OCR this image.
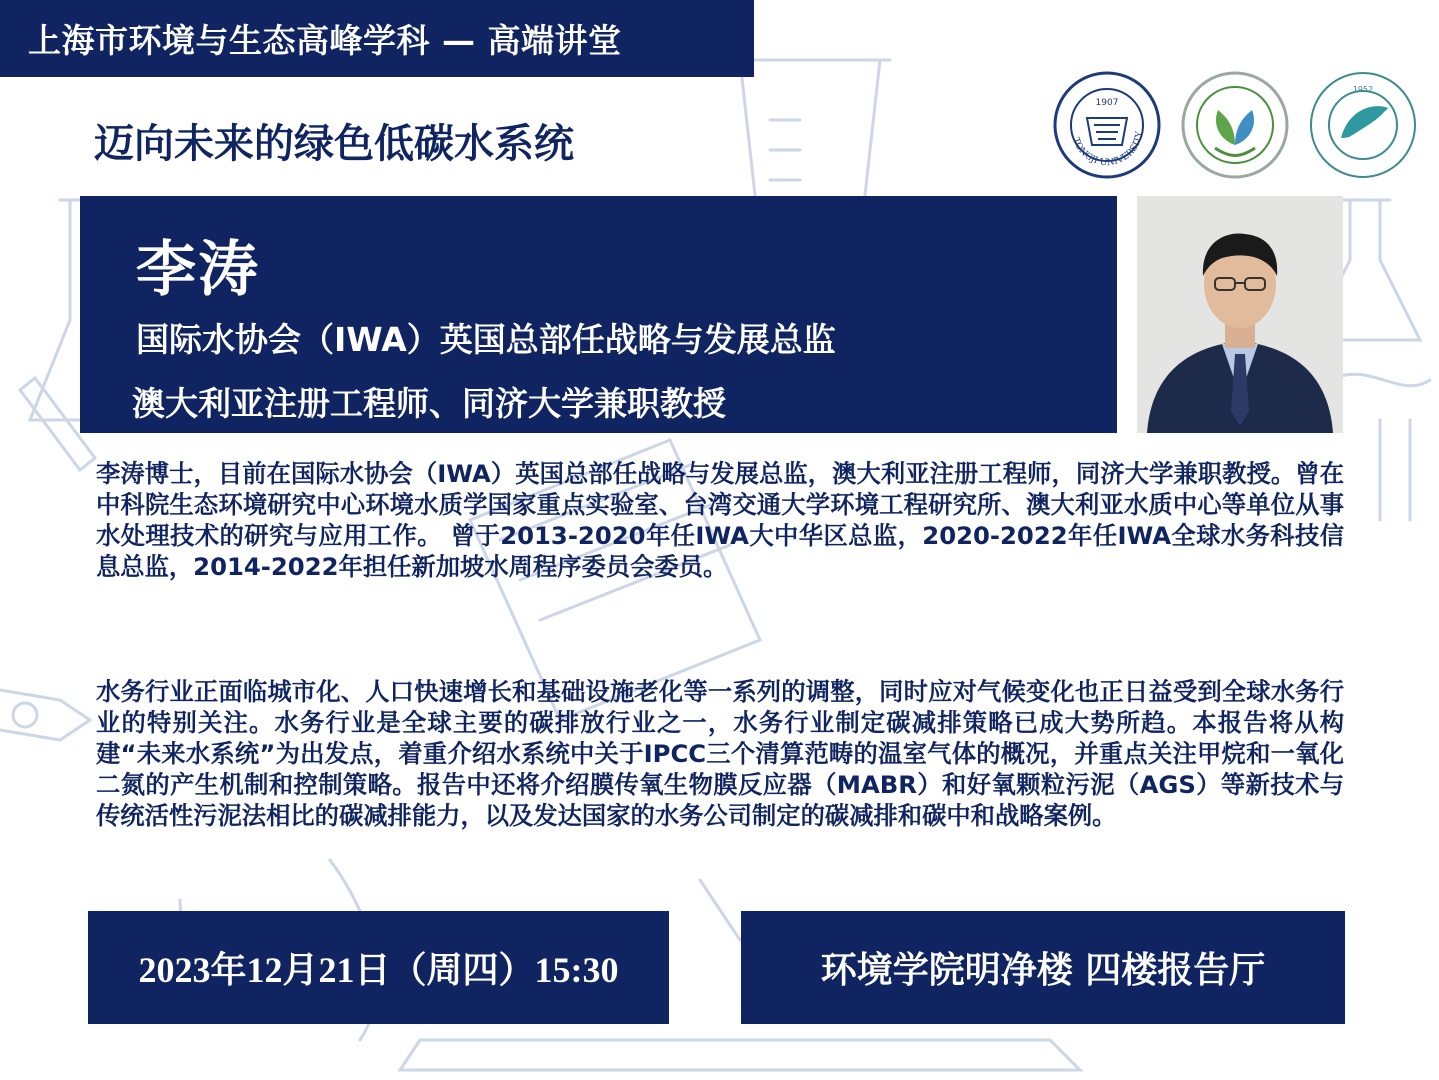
上海市环境与生态高峰学科 — 高端讲堂
迈向未来的绿色低碳水系统
1907
TONGJI UNIVERSITY
1952
李涛
国际水协会（IWA）英国总部任战略与发展总监
澳大利亚注册工程师、同济大学兼职教授
李涛博士，目前在国际水协会（IWA）英国总部任战略与发展总监，澳大利亚注册工程师，同济大学兼职教授。曾在中科院生态环境研究中心环境水质学国家重点实验室、台湾交通大学环境工程研究所、澳大利亚水质中心等单位从事水处理技术的研究与应用工作。 曾于2013-2020年任IWA大中华区总监，2020-2022年任IWA全球水务科技信息总监，2014-2022年担任新加坡水周程序委员会委员。
水务行业正面临城市化、人口快速增长和基础设施老化等一系列的调整，同时应对气候变化也正日益受到全球水务行业的特别关注。水务行业是全球主要的碳排放行业之一，水务行业制定碳减排策略已成大势所趋。本报告将从构建“未来水系统”为出发点，着重介绍水系统中关于IPCC三个清算范畴的温室气体的概况，并重点关注甲烷和一氧化二氮的产生机制和控制策略。报告中还将介绍膜传氧生物膜反应器（MABR）和好氧颗粒污泥（AGS）等新技术与传统活性污泥法相比的碳减排能力，以及发达国家的水务公司制定的碳减排和碳中和战略案例。
2023年12月21日（周四）15:30	环境学院明净楼 四楼报告厅
